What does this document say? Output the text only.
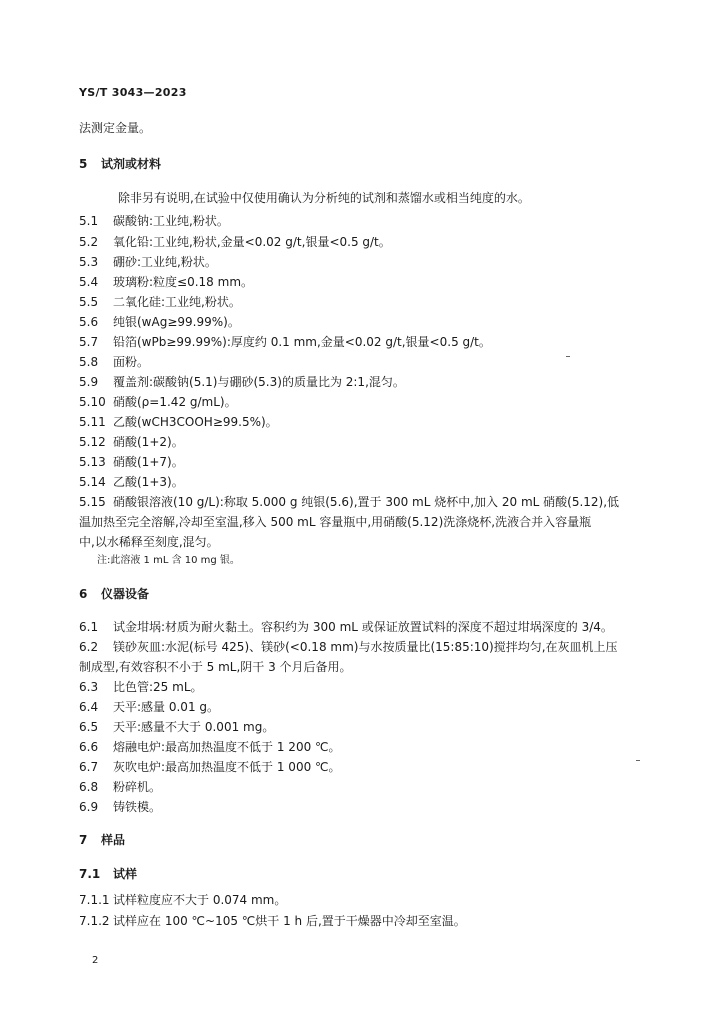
YS/T 3043—2023
法测定金量。
5 试剂或材料
除非另有说明,在试验中仅使用确认为分析纯的试剂和蒸馏水或相当纯度的水。
5.1 碳酸钠:工业纯,粉状。
5.2 氧化铅:工业纯,粉状,金量<0.02 g/t,银量<0.5 g/t。
5.3 硼砂:工业纯,粉状。
5.4 玻璃粉:粒度≤0.18 mm。
5.5 二氧化硅:工业纯,粉状。
5.6 纯银(wAg≥99.99%)。
5.7 铅箔(wPb≥99.99%):厚度约 0.1 mm,金量<0.02 g/t,银量<0.5 g/t。
5.8 面粉。
5.9 覆盖剂:碳酸钠(5.1)与硼砂(5.3)的质量比为 2:1,混匀。
5.10 硝酸(ρ=1.42 g/mL)。
5.11 乙酸(wCH3COOH≥99.5%)。
5.12 硝酸(1+2)。
5.13 硝酸(1+7)。
5.14 乙酸(1+3)。
5.15 硝酸银溶液(10 g/L):称取 5.000 g 纯银(5.6),置于 300 mL 烧杯中,加入 20 mL 硝酸(5.12),低
温加热至完全溶解,冷却至室温,移入 500 mL 容量瓶中,用硝酸(5.12)洗涤烧杯,洗液合并入容量瓶
中,以水稀释至刻度,混匀。
注:此溶液 1 mL 含 10 mg 银。
6 仪器设备
6.1 试金坩埚:材质为耐火黏土。容积约为 300 mL 或保证放置试料的深度不超过坩埚深度的 3/4。
6.2 镁砂灰皿:水泥(标号 425)、镁砂(<0.18 mm)与水按质量比(15:85:10)搅拌均匀,在灰皿机上压
制成型,有效容积不小于 5 mL,阴干 3 个月后备用。
6.3 比色管:25 mL。
6.4 天平:感量 0.01 g。
6.5 天平:感量不大于 0.001 mg。
6.6 熔融电炉:最高加热温度不低于 1 200 ℃。
6.7 灰吹电炉:最高加热温度不低于 1 000 ℃。
6.8 粉碎机。
6.9 铸铁模。
7 样品
7.1 试样
7.1.1 试样粒度应不大于 0.074 mm。
7.1.2 试样应在 100 ℃~105 ℃烘干 1 h 后,置于干燥器中冷却至室温。
2
